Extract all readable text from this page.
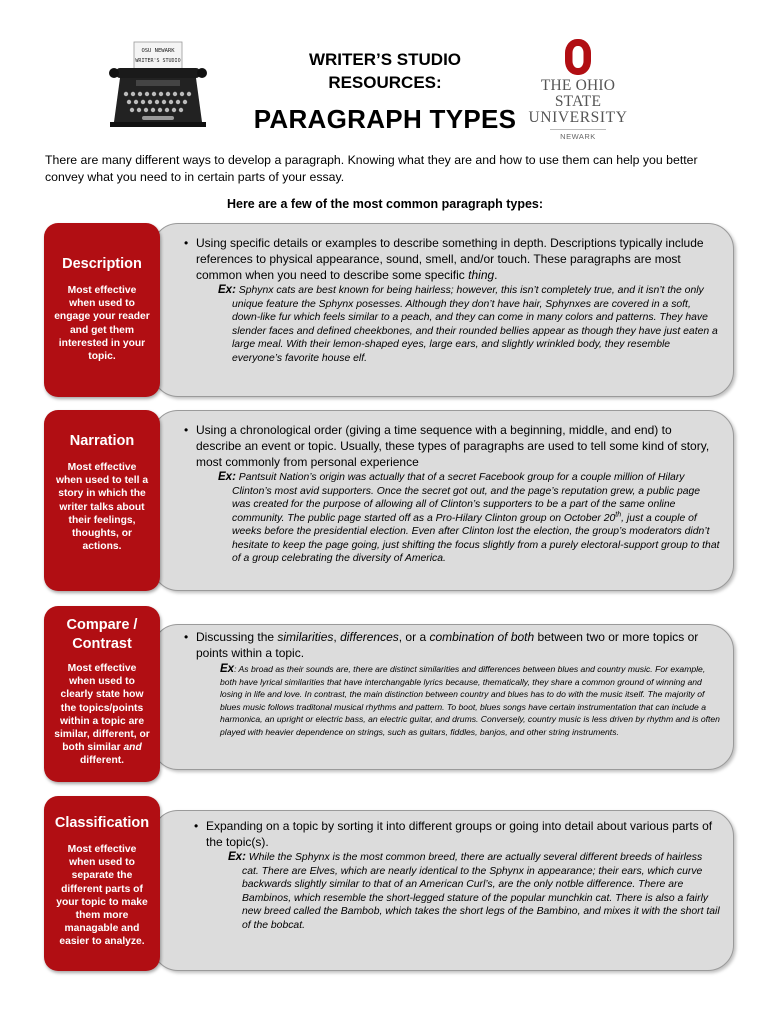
OSU NEWARK
WRITER'S STUDIO	WRITER’S STUDIO
RESOURCES:
PARAGRAPH TYPES
THE OHIO STATE
UNIVERSITY
NEWARK
There are many different ways to develop a paragraph. Knowing what they are and how to use them can help you better convey what you need to in certain parts of your essay.
Here are a few of the most common paragraph types:
Description
Most effective when used to engage your reader and get them interested in your topic.
• Using specific details or examples to describe something in depth. Descriptions typically include references to physical appearance, sound, smell, and/or touch. These paragraphs are most common when you need to describe some specific thing.
Ex: Sphynx cats are best known for being hairless; however, this isn’t completely true, and it isn’t the only unique feature the Sphynx posesses. Although they don’t have hair, Sphynxes are covered in a soft, down-like fur which feels similar to a peach, and they can come in many colors and patterns. They have slender faces and defined cheekbones, and their rounded bellies appear as though they have just eaten a large meal. With their lemon-shaped eyes, large ears, and slightly wrinkled body, they resemble everyone’s favorite house elf.
Narration
Most effective when used to tell a story in which the writer talks about their feelings, thoughts, or actions.
• Using a chronological order (giving a time sequence with a beginning, middle, and end) to describe an event or topic. Usually, these types of paragraphs are used to tell some kind of story, most commonly from personal experience
Ex: Pantsuit Nation’s origin was actually that of a secret Facebook group for a couple million of Hilary Clinton’s most avid supporters. Once the secret got out, and the page’s reputation grew, a public page was created for the purpose of allowing all of Clinton’s supporters to be a part of the same online community. The public page started off as a Pro-Hilary Clinton group on October 20th, just a couple of weeks before the presidential election. Even after Clinton lost the election, the group’s moderators didn’t hesitate to keep the page going, just shifting the focus slightly from a purely electoral-support group to that of a group celebrating the diversity of America.
Compare /
Contrast
Most effective when used to clearly state how the topics/points within a topic are similar, different, or both similar and different.
• Discussing the similarities, differences, or a combination of both between two or more topics or points within a topic.
Ex: As broad as their sounds are, there are distinct similarities and differences between blues and country music. For example, both have lyrical similarities that have interchangable lyrics because, thematically, they share a common ground of winning and losing in life and love. In contrast, the main distinction between country and blues has to do with the music itself. The majority of blues music follows traditonal musical rhythms and pattern. To boot, blues songs have certain instrumentation that can include a harmonica, an upright or electric bass, an electric guitar, and drums. Conversely, country music is less driven by rhythm and is often played with heavier dependence on strings, such as guitars, fiddles, banjos, and other string instruments.
Classification
Most effective when used to separate the different parts of your topic to make them more managable and easier to analyze.
• Expanding on a topic by sorting it into different groups or going into detail about various parts of the topic(s).
Ex: While the Sphynx is the most common breed, there are actually several different breeds of hairless cat. There are Elves, which are nearly identical to the Sphynx in appearance; their ears, which curve backwards slightly similar to that of an American Curl’s, are the only notble difference. There are Bambinos, which resemble the short-legged stature of the popular munchkin cat. There is also a fairly new breed called the Bambob, which takes the short legs of the Bambino, and mixes it with the short tail of the bobcat.
